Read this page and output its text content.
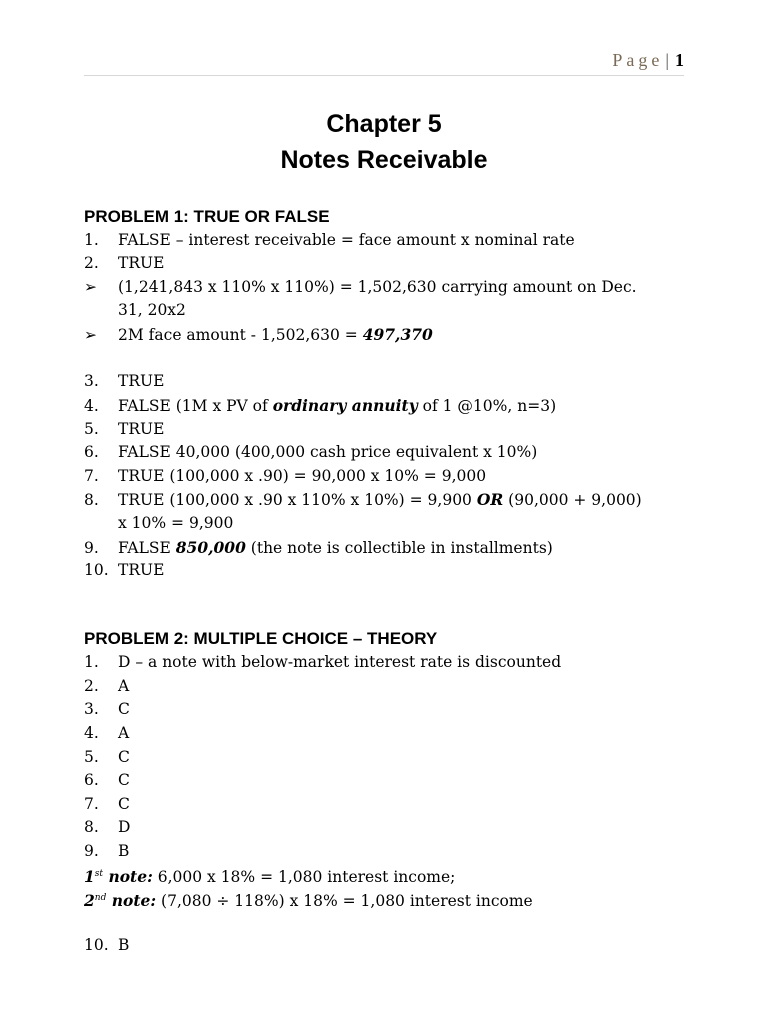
Page | 1
Chapter 5
Notes Receivable
PROBLEM 1: TRUE OR FALSE
1. FALSE – interest receivable = face amount x nominal rate
2. TRUE
➢ (1,241,843 x 110% x 110%) = 1,502,630 carrying amount on Dec.
31, 20x2
➢ 2M face amount - 1,502,630 = 497,370
3. TRUE
4. FALSE (1M x PV of ordinary annuity of 1 @10%, n=3)
5. TRUE
6. FALSE 40,000 (400,000 cash price equivalent x 10%)
7. TRUE (100,000 x .90) = 90,000 x 10% = 9,000
8. TRUE (100,000 x .90 x 110% x 10%) = 9,900 OR (90,000 + 9,000)
x 10% = 9,900
9. FALSE 850,000 (the note is collectible in installments)
10. TRUE
PROBLEM 2: MULTIPLE CHOICE – THEORY
1. D – a note with below-market interest rate is discounted
2. A
3. C
4. A
5. C
6. C
7. C
8. D
9. B
1st note: 6,000 x 18% = 1,080 interest income;
2nd note: (7,080 ÷ 118%) x 18% = 1,080 interest income
10. B
